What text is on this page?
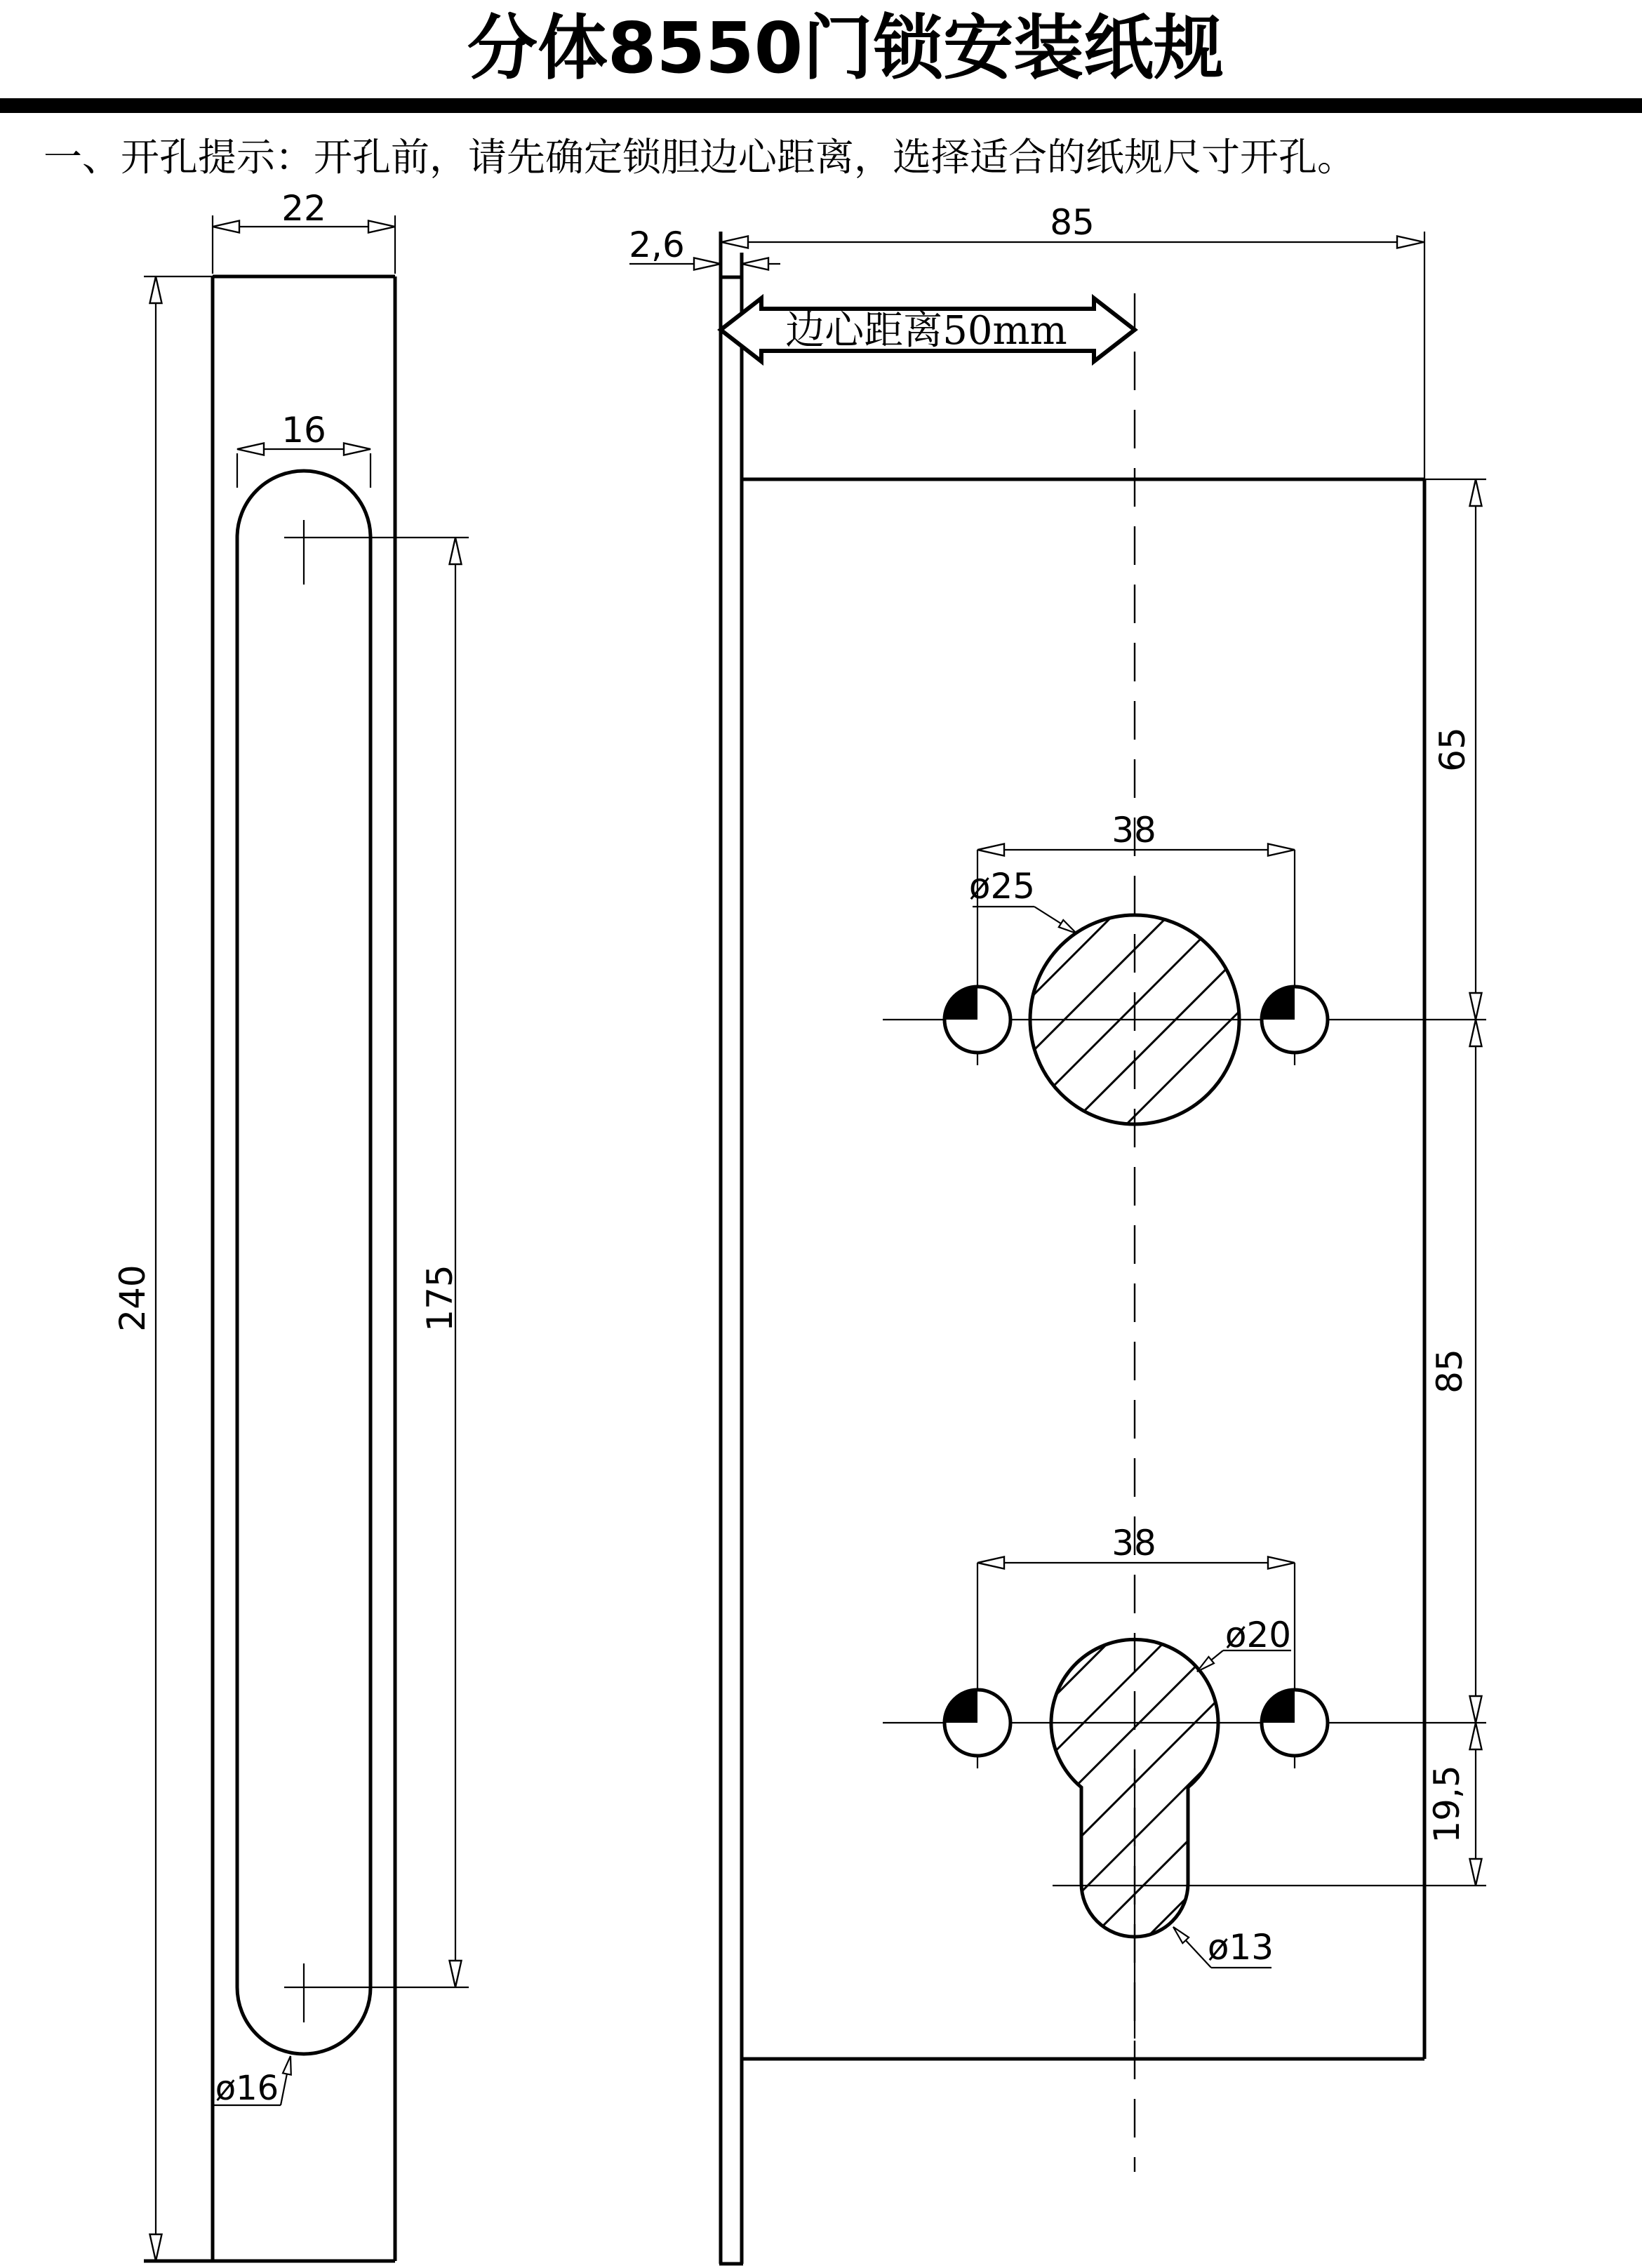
分体8550门锁安装纸规
一、开孔提示：开孔前，请先确定锁胆边心距离，选择适合的纸规尺寸开孔。
22
16
240	175
ø16
2,6
85
边心距离50mm
65
85
19,5
38
38
ø25
ø20
ø13
